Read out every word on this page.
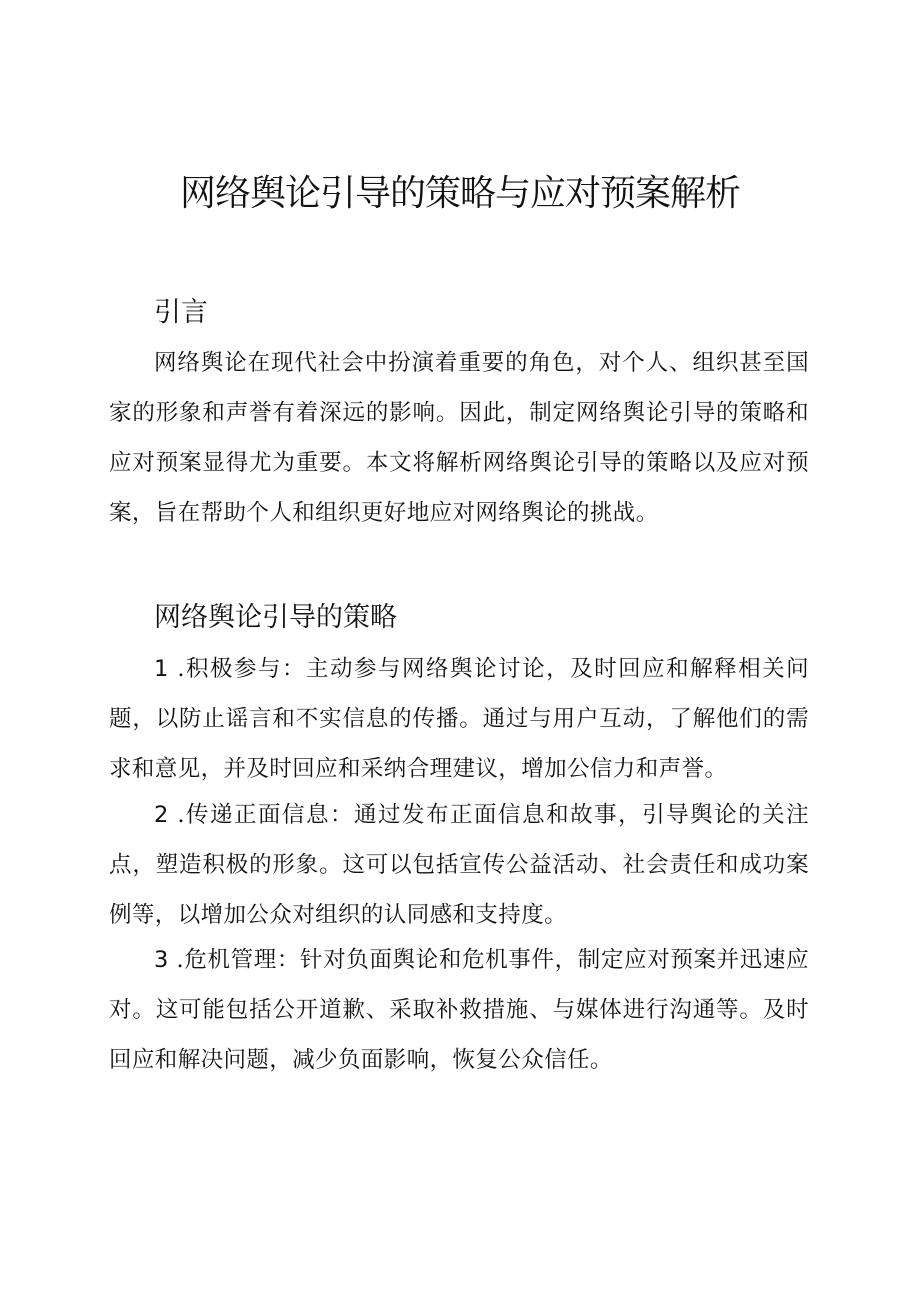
网络舆论引导的策略与应对预案解析
引言

网络舆论在现代社会中扮演着重要的角色，对个人、组织甚至国家的形象和声誉有着深远的影响。因此，制定网络舆论引导的策略和应对预案显得尤为重要。本文将解析网络舆论引导的策略以及应对预案，旨在帮助个人和组织更好地应对网络舆论的挑战。

网络舆论引导的策略

1 .积极参与：主动参与网络舆论讨论，及时回应和解释相关问题，以防止谣言和不实信息的传播。通过与用户互动，了解他们的需求和意见，并及时回应和采纳合理建议，增加公信力和声誉。

2 .传递正面信息：通过发布正面信息和故事，引导舆论的关注点，塑造积极的形象。这可以包括宣传公益活动、社会责任和成功案例等，以增加公众对组织的认同感和支持度。

3 .危机管理：针对负面舆论和危机事件，制定应对预案并迅速应对。这可能包括公开道歉、采取补救措施、与媒体进行沟通等。及时回应和解决问题，减少负面影响，恢复公众信任。
